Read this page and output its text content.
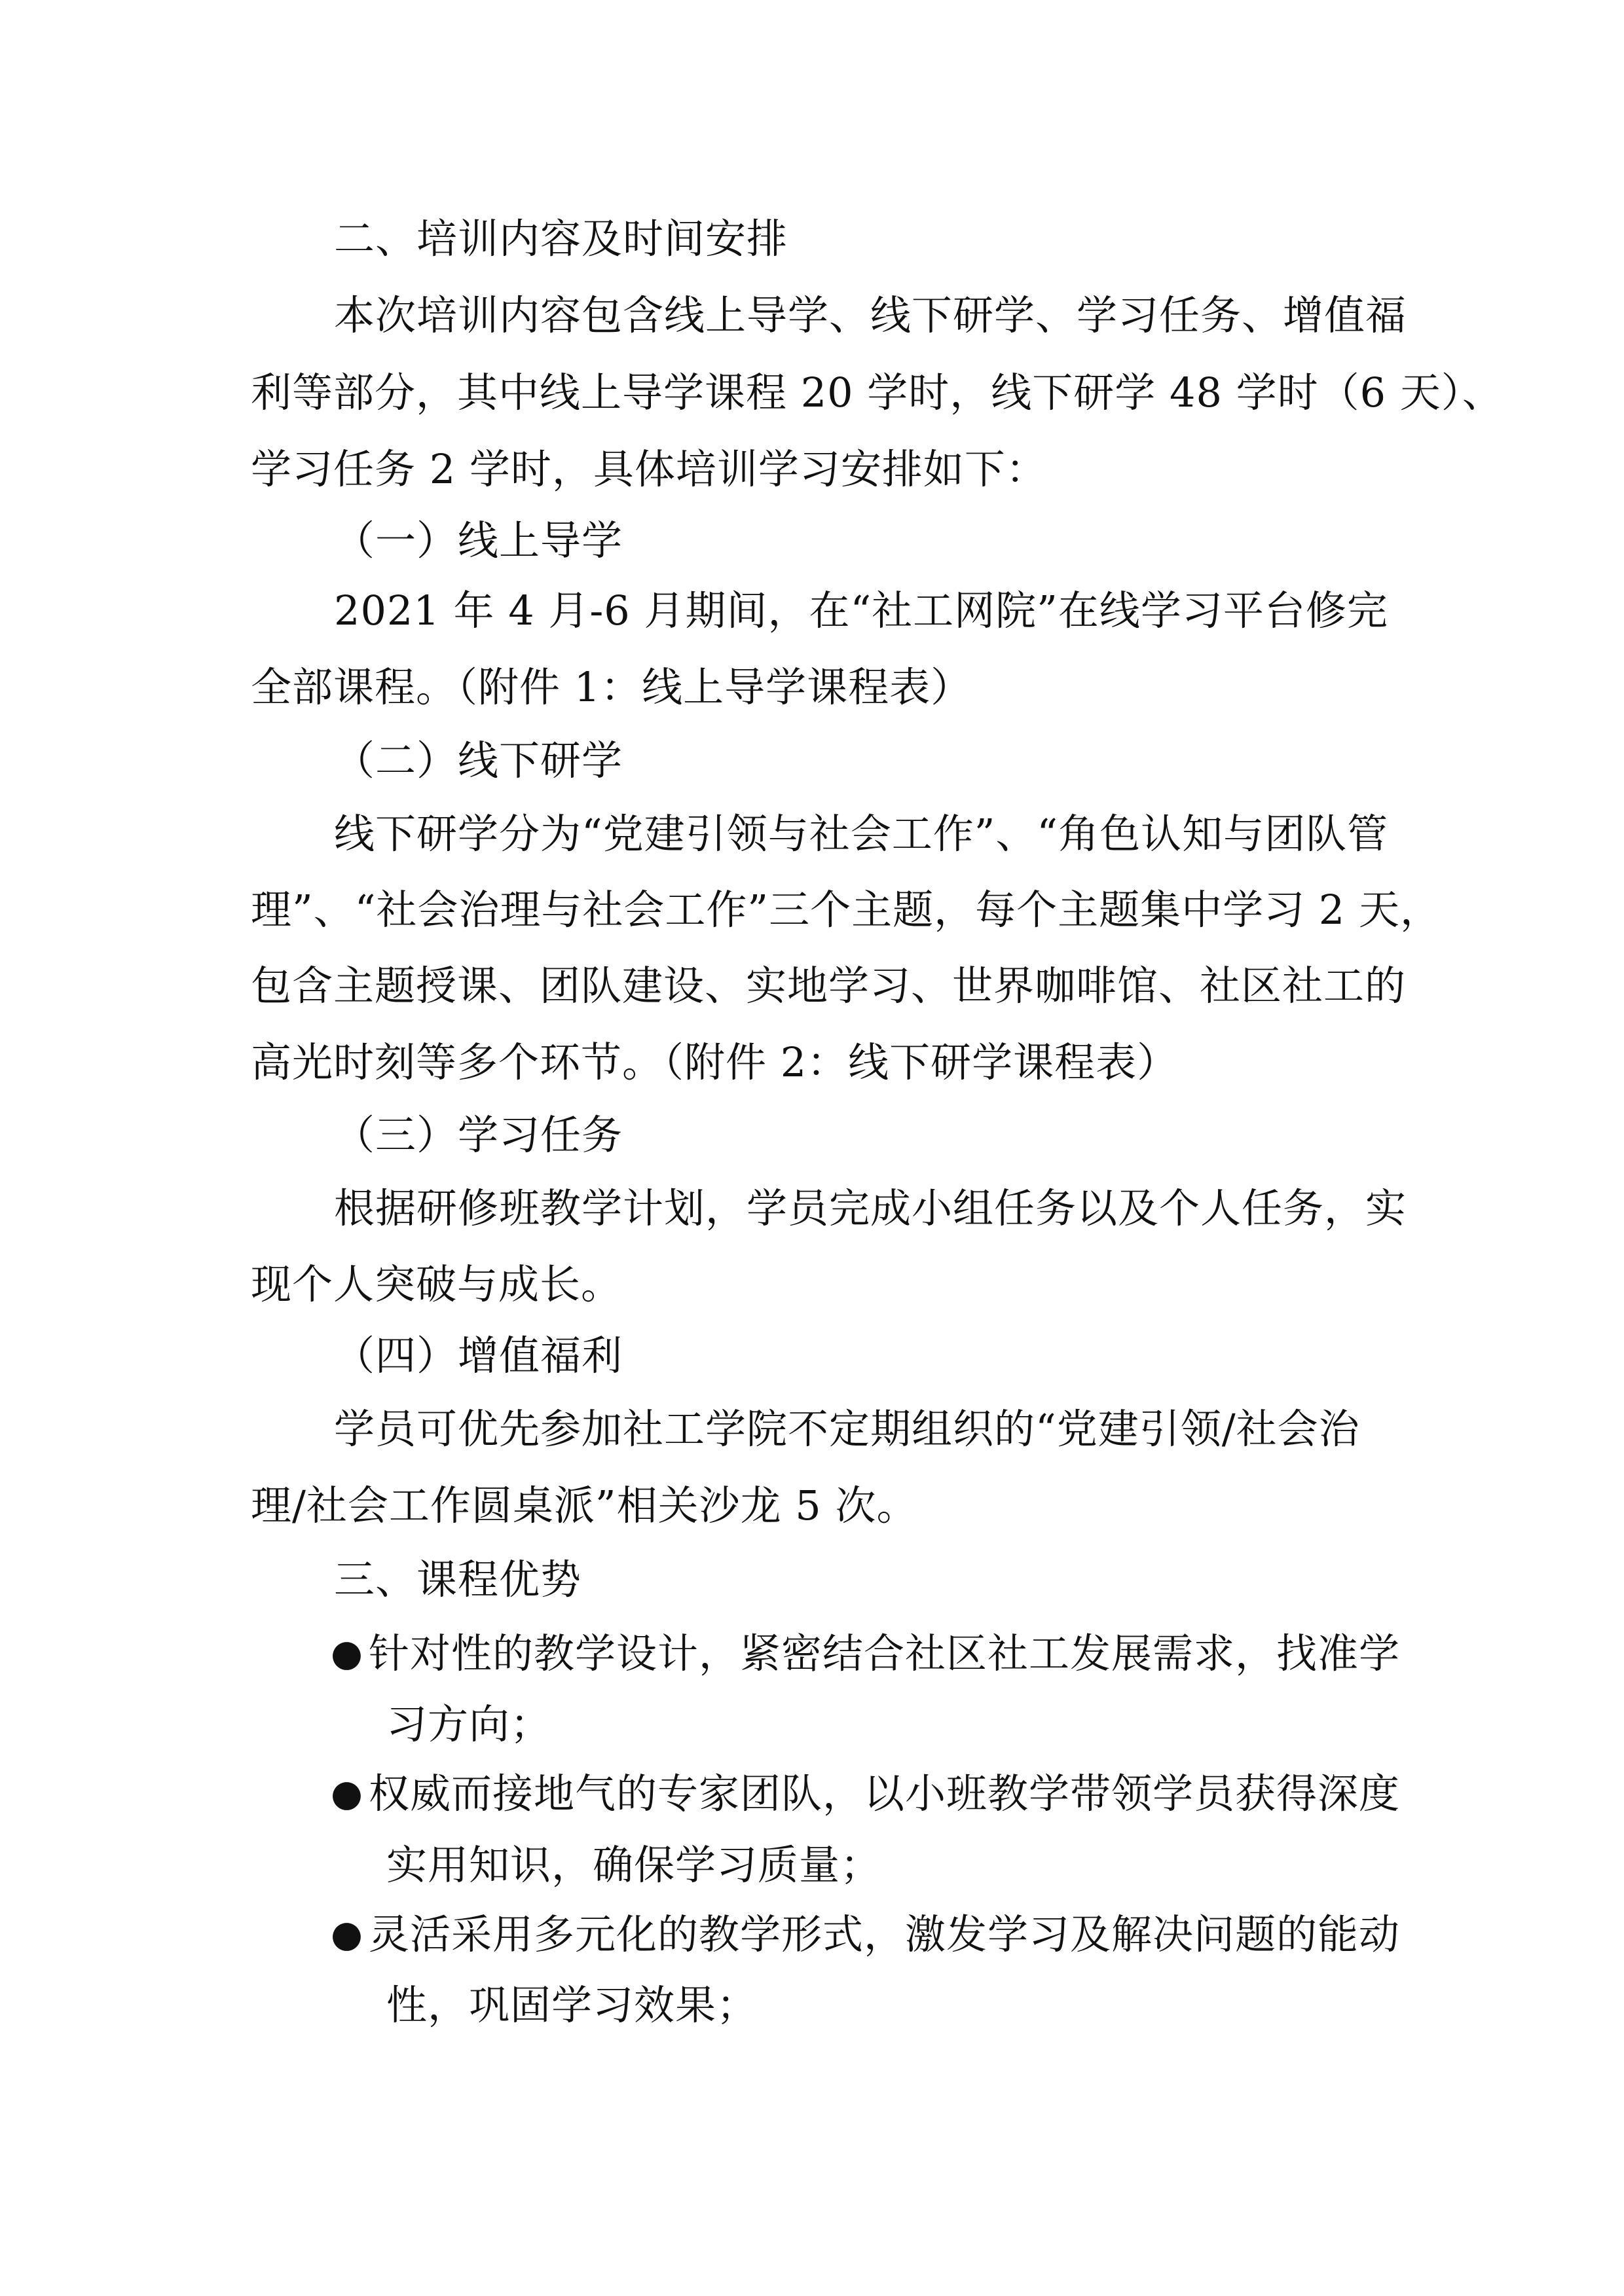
二、培训内容及时间安排
本次培训内容包含线上导学、线下研学、学习任务、增值福
利等部分，其中线上导学课程 20 学时，线下研学 48 学时（6 天）、
学习任务 2 学时，具体培训学习安排如下：
（一）线上导学
2021 年 4 月-6 月期间，在“社工网院”在线学习平台修完
全部课程。（附件 1：线上导学课程表）
（二）线下研学
线下研学分为“党建引领与社会工作”、“角色认知与团队管
理”、“社会治理与社会工作”三个主题，每个主题集中学习 2 天，
包含主题授课、团队建设、实地学习、世界咖啡馆、社区社工的
高光时刻等多个环节。（附件 2：线下研学课程表）
（三）学习任务
根据研修班教学计划，学员完成小组任务以及个人任务，实
现个人突破与成长。
（四）增值福利
学员可优先参加社工学院不定期组织的“党建引领/社会治
理/社会工作圆桌派”相关沙龙 5 次。
三、课程优势
● 针对性的教学设计，紧密结合社区社工发展需求，找准学
习方向；
● 权威而接地气的专家团队，以小班教学带领学员获得深度
实用知识，确保学习质量；
● 灵活采用多元化的教学形式，激发学习及解决问题的能动
性，巩固学习效果；
